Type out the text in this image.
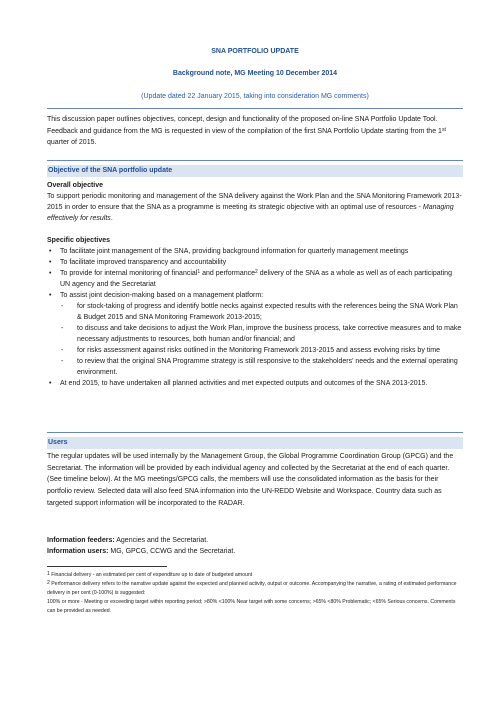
SNA PORTFOLIO UPDATE
Background note, MG Meeting 10 December 2014
(Update dated 22 January 2015, taking into consideration MG comments)
This discussion paper outlines objectives, concept, design and functionality of the proposed on-line SNA Portfolio Update Tool. Feedback and guidance from the MG is requested in view of the compilation of the first SNA Portfolio Update starting from the 1st quarter of 2015.
Objective of the SNA portfolio update
Overall objective
To support periodic monitoring and management of the SNA delivery against the Work Plan and the SNA Monitoring Framework 2013-2015 in order to ensure that the SNA as a programme is meeting its strategic objective with an optimal use of resources - Managing effectively for results.
Specific objectives
• To facilitate joint management of the SNA, providing background information for quarterly management meetings
• To facilitate improved transparency and accountability
• To provide for internal monitoring of financial$^1$ and performance$^2$ delivery of the SNA as a whole as well as of each participating UN agency and the Secretariat
• To assist joint decision-making based on a management platform:
- for stock-taking of progress and identify bottle necks against expected results with the references being the SNA Work Plan & Budget 2015 and SNA Monitoring Framework 2013-2015;
- to discuss and take decisions to adjust the Work Plan, improve the business process, take corrective measures and to make necessary adjustments to resources, both human and/or financial; and
- for risks assessment against risks outlined in the Monitoring Framework 2013-2015 and assess evolving risks by time
- to review that the original SNA Programme strategy is still responsive to the stakeholders' needs and the external operating environment.
• At end 2015, to have undertaken all planned activities and met expected outputs and outcomes of the SNA 2013-2015.
Users
The regular updates will be used internally by the Management Group, the Global Programme Coordination Group (GPCG) and the Secretariat. The information will be provided by each individual agency and collected by the Secretariat at the end of each quarter. (See timeline below). At the MG meetings/GPCG calls, the members will use the consolidated information as the basis for their portfolio review. Selected data will also feed SNA information into the UN-REDD Website and Workspace. Country data such as targeted support information will be incorporated to the RADAR.
Information feeders: Agencies and the Secretariat.
Information users: MG, GPCG, CCWG and the Secretariat.
$^1$ Financial delivery - an estimated per cent of expenditure up to date of budgeted amount
$^2$ Performance delivery refers to the narrative update against the expected and planned activity, output or outcome. Accompanying the narrative, a rating of estimated performance delivery in per cent (0-100%) is suggested:
100% or more - Meeting or exceeding target within reporting period; >80% <100% Near target with some concerns; >65% <80% Problematic; <65% Serious concerns. Comments can be provided as needed.
